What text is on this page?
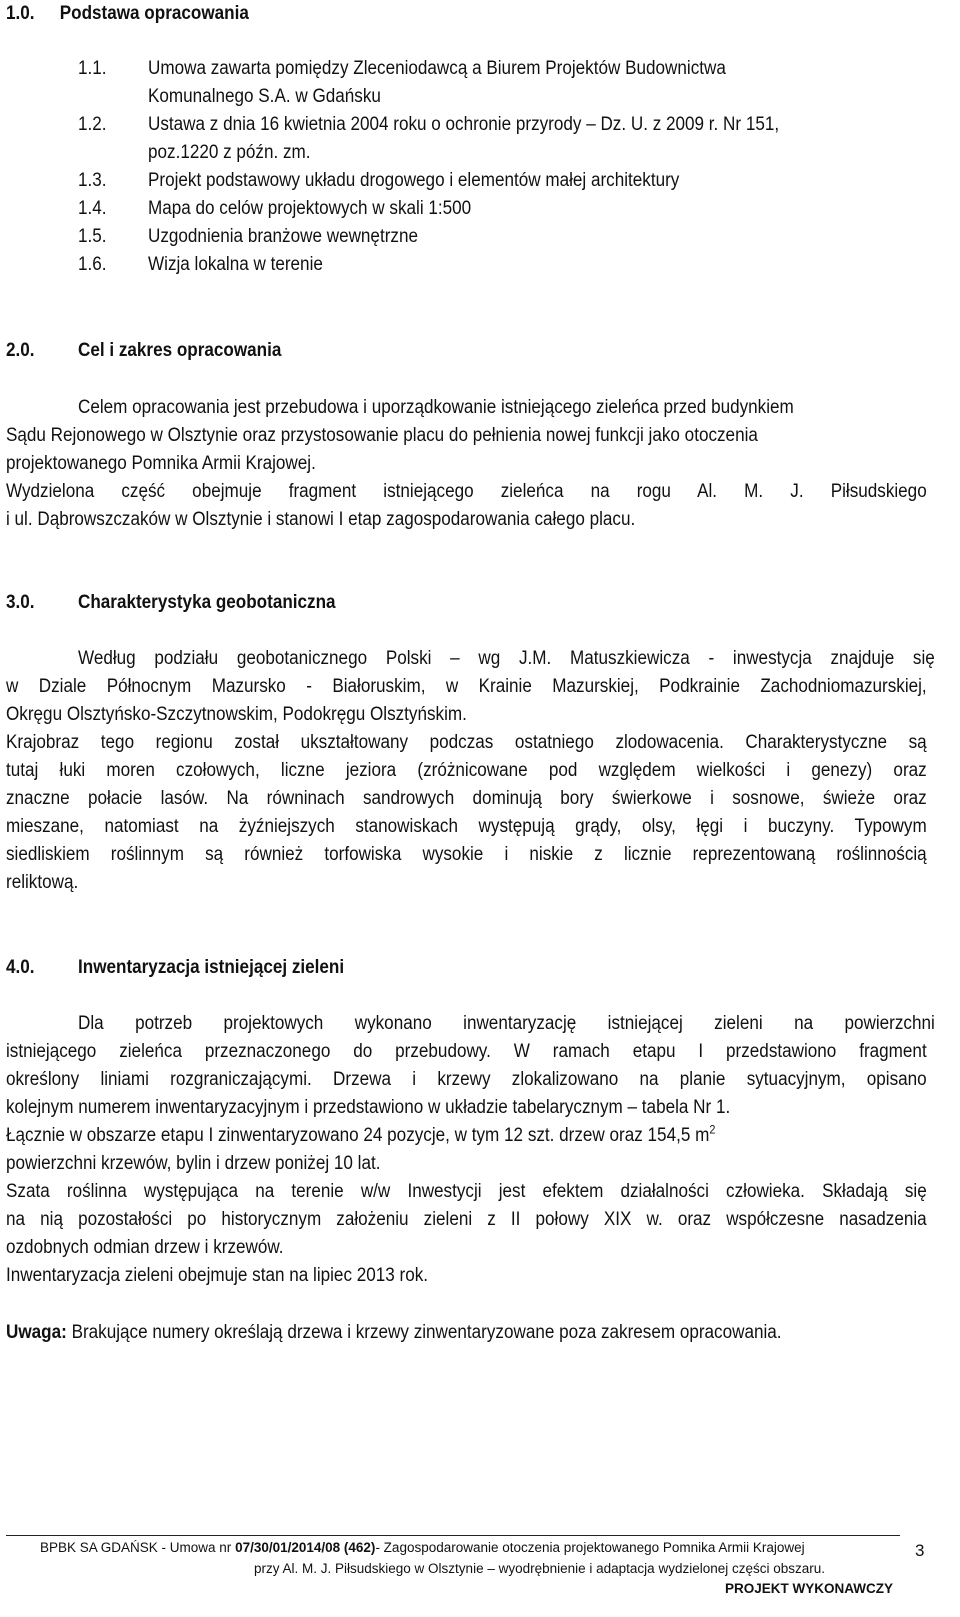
1.0. Podstawa opracowania
1.1. Umowa zawarta pomiędzy Zleceniodawcą a Biurem Projektów Budownictwa
Komunalnego S.A. w Gdańsku
1.2. Ustawa z dnia 16 kwietnia 2004 roku o ochronie przyrody – Dz. U. z 2009 r. Nr 151,
poz.1220 z późn. zm.
1.3. Projekt podstawowy układu drogowego i elementów małej architektury
1.4. Mapa do celów projektowych w skali 1:500
1.5. Uzgodnienia branżowe wewnętrzne
1.6. Wizja lokalna w terenie
2.0. Cel i zakres opracowania
Celem opracowania jest przebudowa i uporządkowanie istniejącego zieleńca przed budynkiem
Sądu Rejonowego w Olsztynie oraz przystosowanie placu do pełnienia nowej funkcji jako otoczenia
projektowanego Pomnika Armii Krajowej.
Wydzielona część obejmuje fragment istniejącego zieleńca na rogu Al. M. J. Piłsudskiego
i ul. Dąbrowszczaków w Olsztynie i stanowi I etap zagospodarowania całego placu.
3.0. Charakterystyka geobotaniczna
Według podziału geobotanicznego Polski – wg J.M. Matuszkiewicza - inwestycja znajduje się
w Dziale Północnym Mazursko - Białoruskim, w Krainie Mazurskiej, Podkrainie Zachodniomazurskiej,
Okręgu Olsztyńsko-Szczytnowskim, Podokręgu Olsztyńskim.
Krajobraz tego regionu został ukształtowany podczas ostatniego zlodowacenia. Charakterystyczne są
tutaj łuki moren czołowych, liczne jeziora (zróżnicowane pod względem wielkości i genezy) oraz
znaczne połacie lasów. Na równinach sandrowych dominują bory świerkowe i sosnowe, świeże oraz
mieszane, natomiast na żyźniejszych stanowiskach występują grądy, olsy, łęgi i buczyny. Typowym
siedliskiem roślinnym są również torfowiska wysokie i niskie z licznie reprezentowaną roślinnością
reliktową.
4.0. Inwentaryzacja istniejącej zieleni
Dla potrzeb projektowych wykonano inwentaryzację istniejącej zieleni na powierzchni
istniejącego zieleńca przeznaczonego do przebudowy. W ramach etapu I przedstawiono fragment
określony liniami rozgraniczającymi. Drzewa i krzewy zlokalizowano na planie sytuacyjnym, opisano
kolejnym numerem inwentaryzacyjnym i przedstawiono w układzie tabelarycznym – tabela Nr 1.
Łącznie w obszarze etapu I zinwentaryzowano 24 pozycje, w tym 12 szt. drzew oraz 154,5 $m^2$
powierzchni krzewów, bylin i drzew poniżej 10 lat.
Szata roślinna występująca na terenie w/w Inwestycji jest efektem działalności człowieka. Składają się
na nią pozostałości po historycznym założeniu zieleni z II połowy XIX w. oraz współczesne nasadzenia
ozdobnych odmian drzew i krzewów.
Inwentaryzacja zieleni obejmuje stan na lipiec 2013 rok.
Uwaga: Brakujące numery określają drzewa i krzewy zinwentaryzowane poza zakresem opracowania.
BPBK SA GDAŃSK - Umowa nr 07/30/01/2014/08 (462)- Zagospodarowanie otoczenia projektowanego Pomnika Armii Krajowej
przy Al. M. J. Piłsudskiego w Olsztynie – wyodrębnienie i adaptacja wydzielonej części obszaru.
PROJEKT WYKONAWCZY
3
